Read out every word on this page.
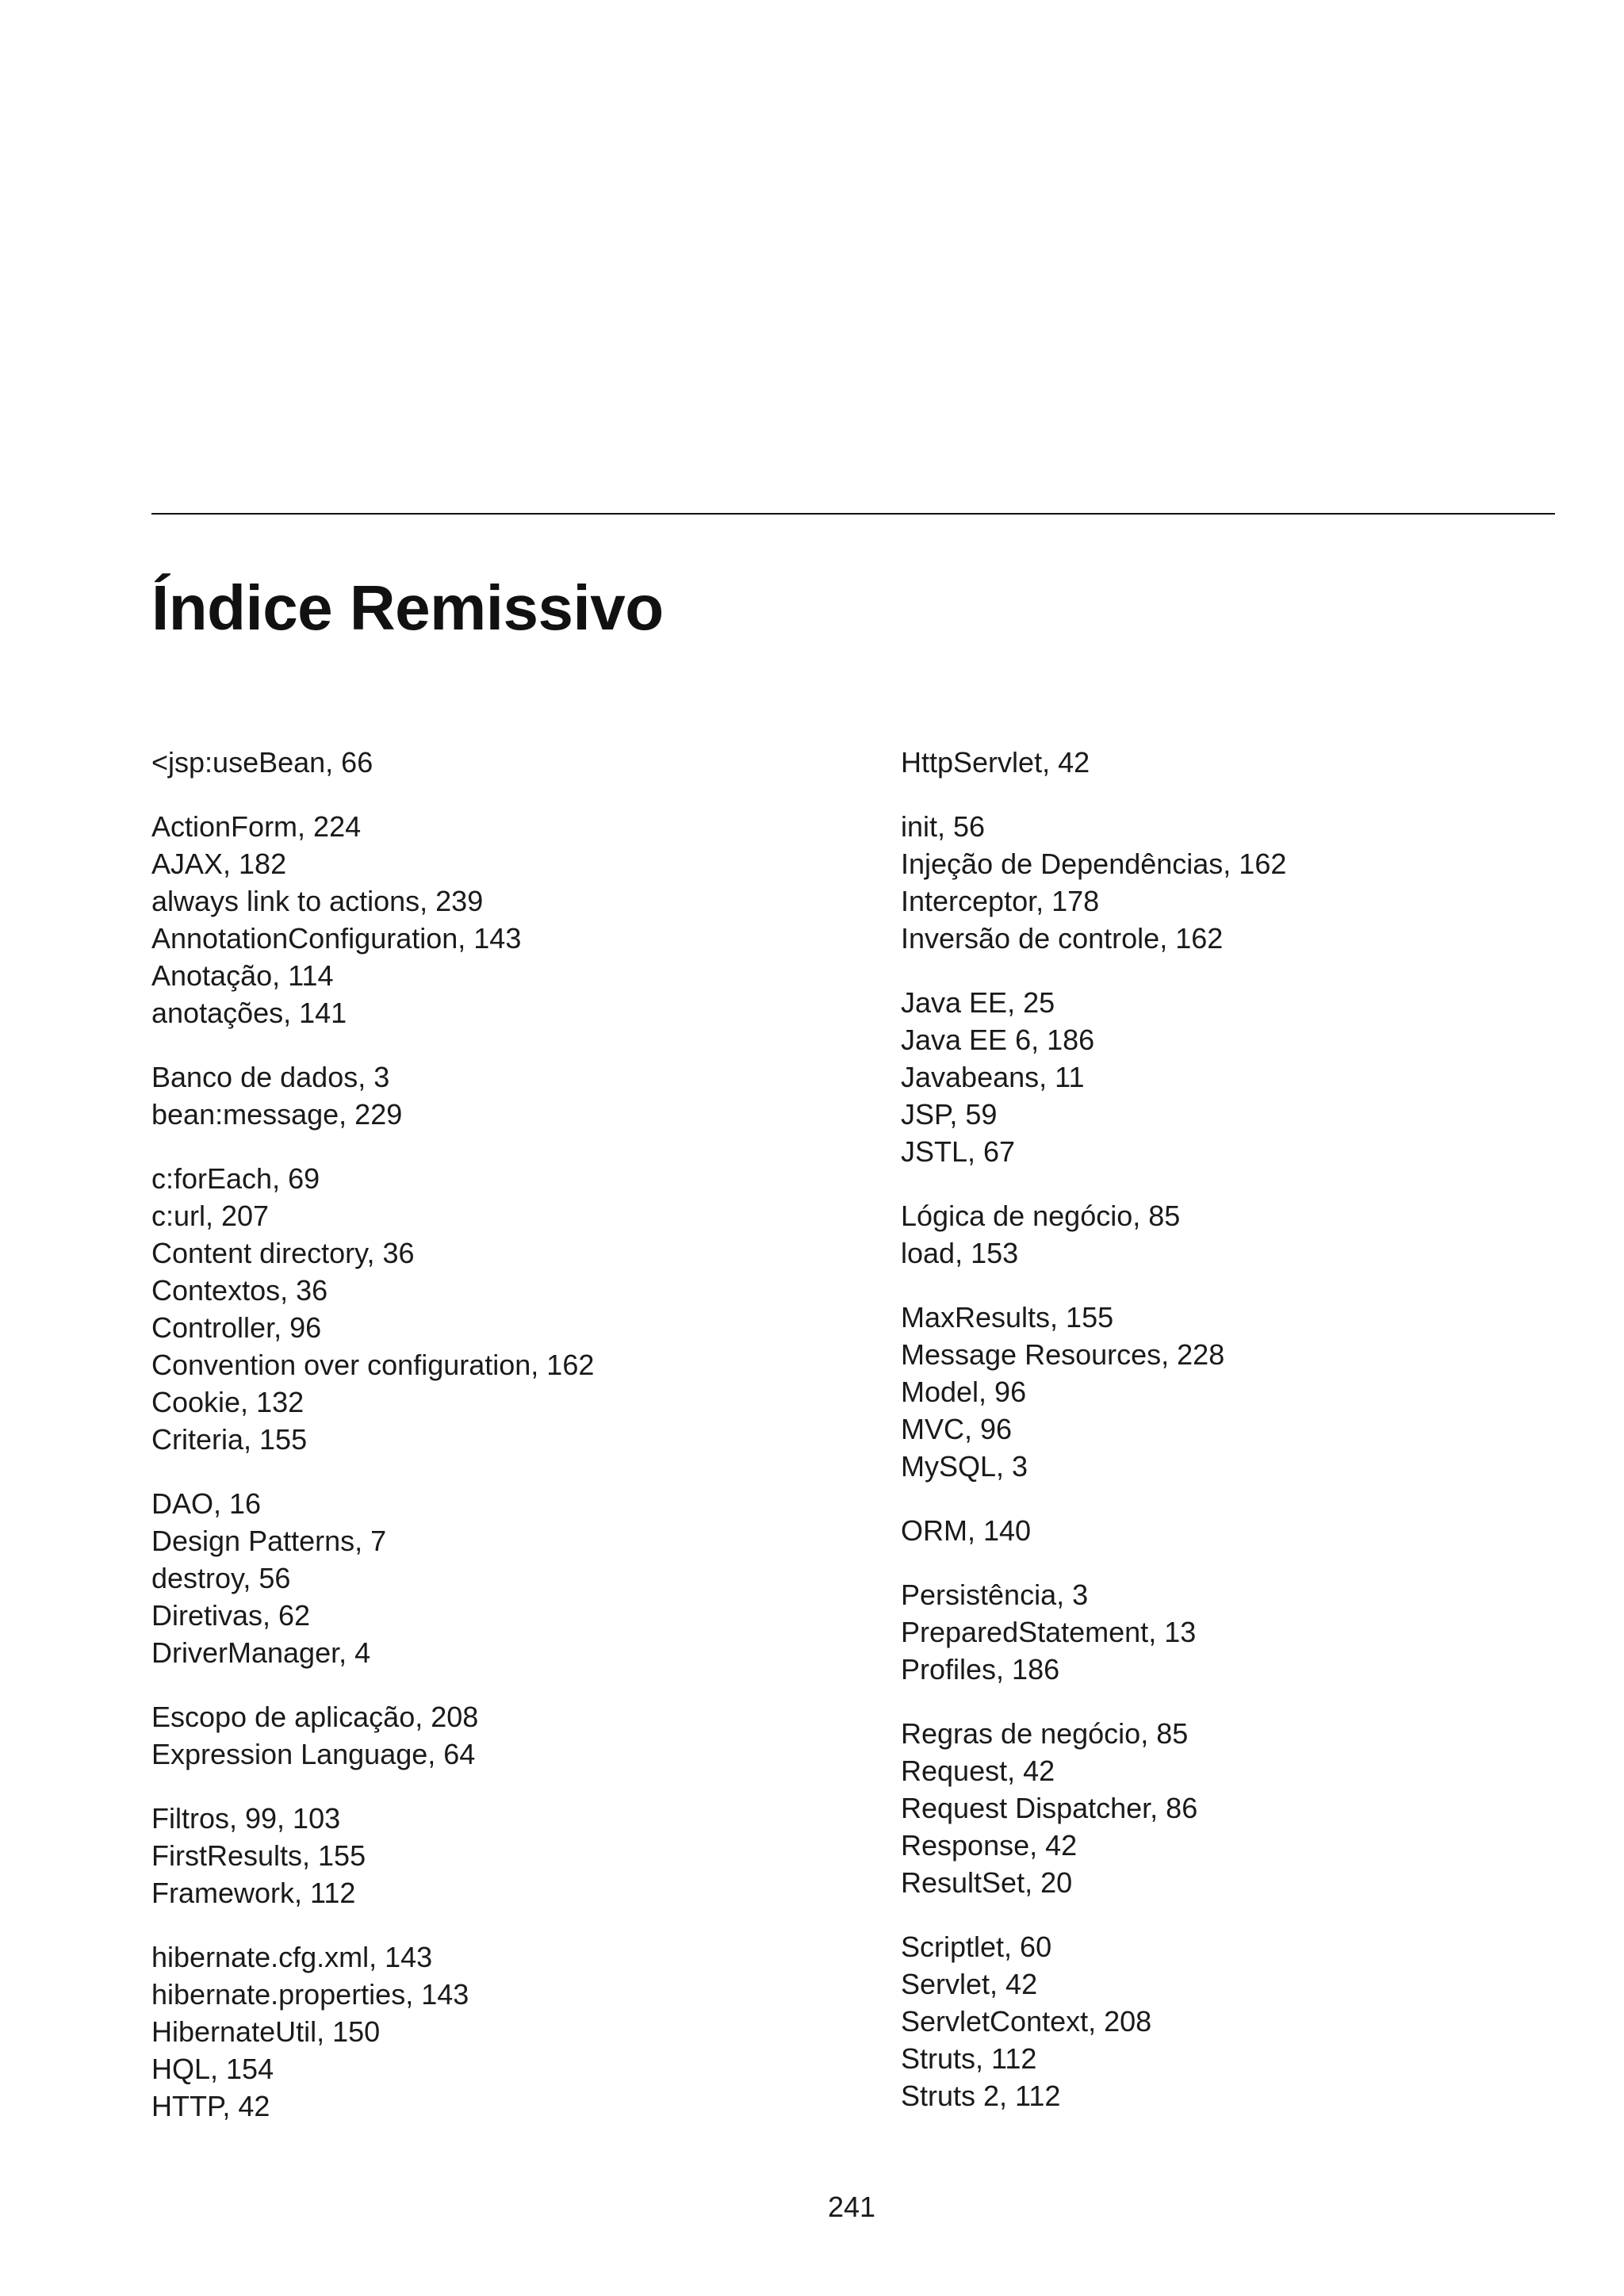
Índice Remissivo
<jsp:useBean, 66
ActionForm, 224
AJAX, 182
always link to actions, 239
AnnotationConfiguration, 143
Anotação, 114
anotações, 141
Banco de dados, 3
bean:message, 229
c:forEach, 69
c:url, 207
Content directory, 36
Contextos, 36
Controller, 96
Convention over configuration, 162
Cookie, 132
Criteria, 155
DAO, 16
Design Patterns, 7
destroy, 56
Diretivas, 62
DriverManager, 4
Escopo de aplicação, 208
Expression Language, 64
Filtros, 99, 103
FirstResults, 155
Framework, 112
hibernate.cfg.xml, 143
hibernate.properties, 143
HibernateUtil, 150
HQL, 154
HTTP, 42
HttpServlet, 42
init, 56
Injeção de Dependências, 162
Interceptor, 178
Inversão de controle, 162
Java EE, 25
Java EE 6, 186
Javabeans, 11
JSP, 59
JSTL, 67
Lógica de negócio, 85
load, 153
MaxResults, 155
Message Resources, 228
Model, 96
MVC, 96
MySQL, 3
ORM, 140
Persistência, 3
PreparedStatement, 13
Profiles, 186
Regras de negócio, 85
Request, 42
Request Dispatcher, 86
Response, 42
ResultSet, 20
Scriptlet, 60
Servlet, 42
ServletContext, 208
Struts, 112
Struts 2, 112
241
